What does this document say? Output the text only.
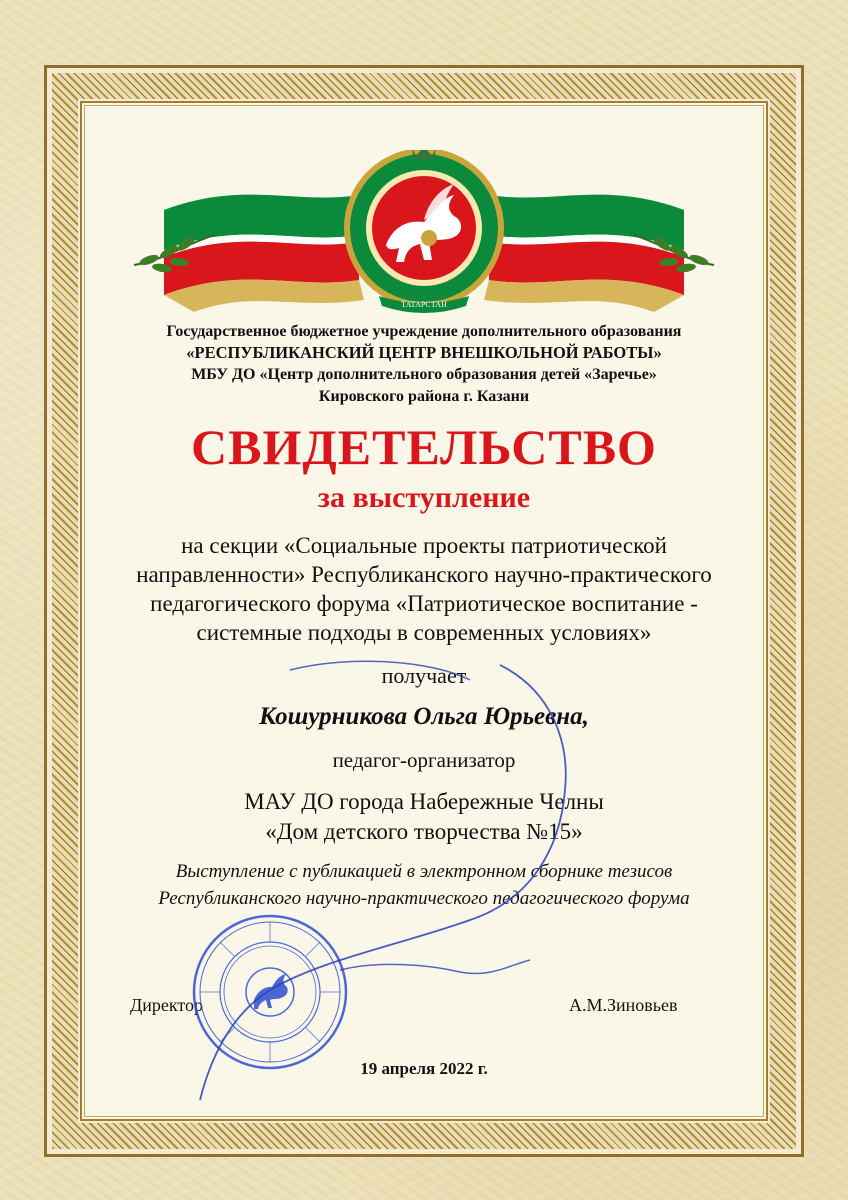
ТАТАРСТАН
Государственное бюджетное учреждение дополнительного образования
«РЕСПУБЛИКАНСКИЙ ЦЕНТР ВНЕШКОЛЬНОЙ РАБОТЫ»
МБУ ДО «Центр дополнительного образования детей «Заречье»
Кировского района г. Казани
СВИДЕТЕЛЬСТВО
за выступление
на секции «Социальные проекты патриотической
направленности» Республиканского научно-практического
педагогического форума «Патриотическое воспитание -
системные подходы в современных условиях»
получает
Кошурникова Ольга Юрьевна,
педагог-организатор
МАУ ДО города Набережные Челны
«Дом детского творчества №15»
Выступление с публикацией в электронном сборнике тезисов
Республиканского научно-практического педагогического форума
Директор	А.М.Зиновьев
19 апреля 2022 г.
